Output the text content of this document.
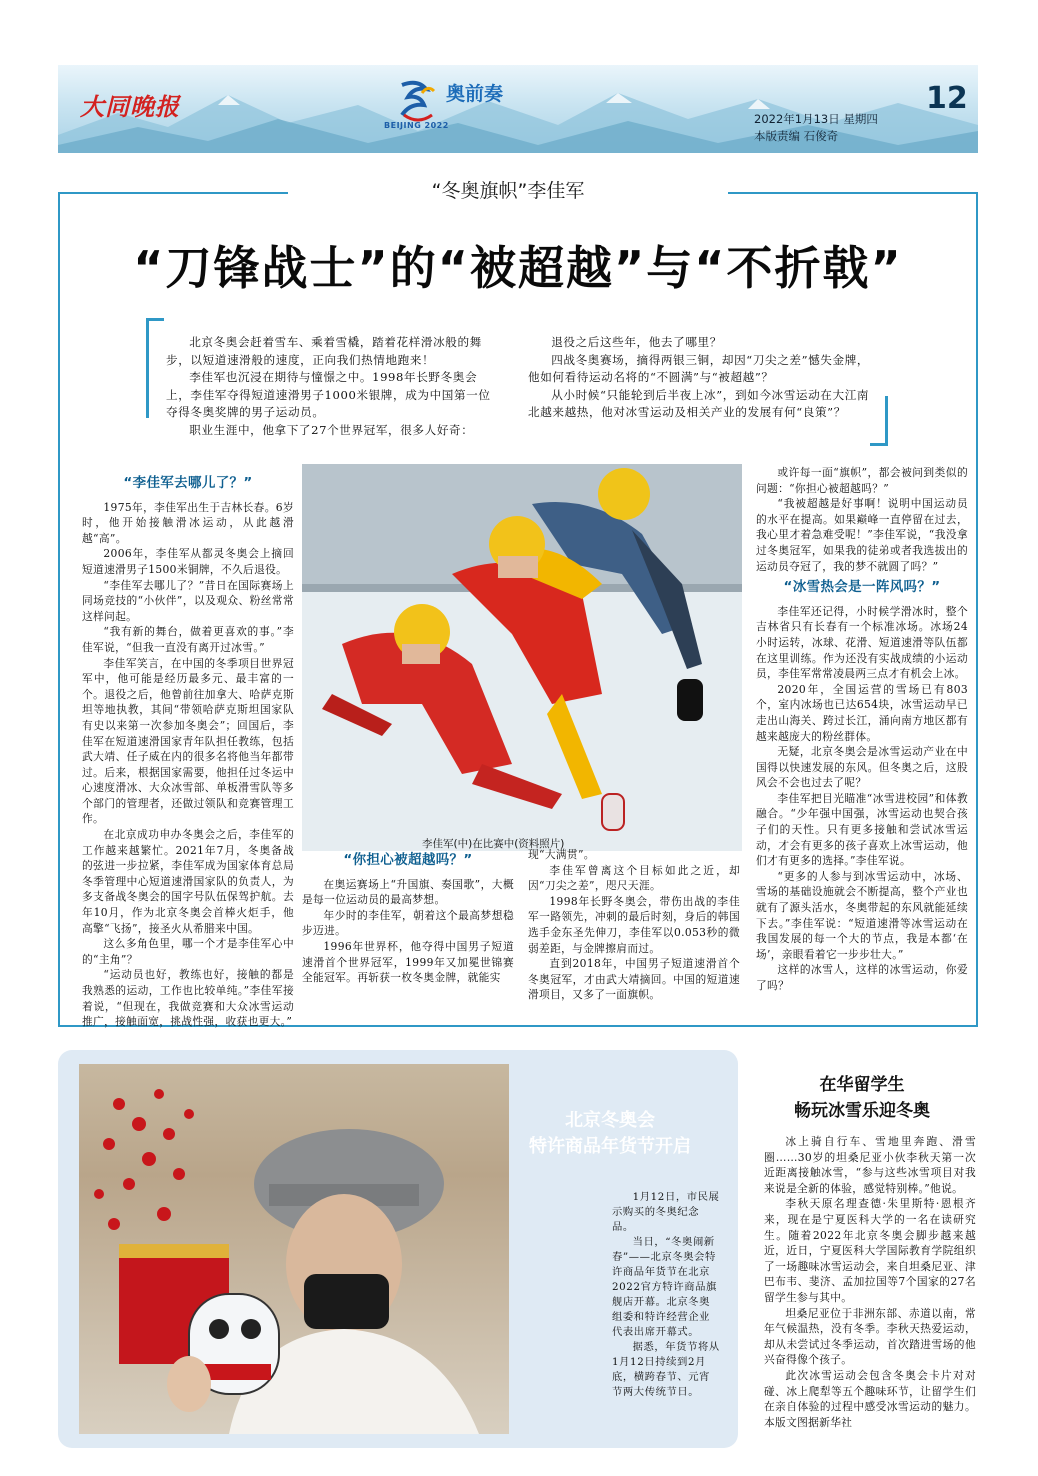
大同晚报
BEIJING 2022
奥前奏
2022年1月13日 星期四
本版责编 石俊奇
12
“冬奥旗帜”李佳军
“刀锋战士”的“被超越”与“不折戟”

北京冬奥会赶着雪车、乘着雪橇，踏着花样滑冰般的舞步，以短道速滑般的速度，正向我们热情地跑来！

李佳军也沉浸在期待与憧憬之中。1998年长野冬奥会上，李佳军夺得短道速滑男子1000米银牌，成为中国第一位夺得冬奥奖牌的男子运动员。

职业生涯中，他拿下了27个世界冠军，很多人好奇：

退役之后这些年，他去了哪里？

四战冬奥赛场，摘得两银三铜，却因“刀尖之差”憾失金牌，他如何看待运动名将的“不圆满”与“被超越”？

从小时候“只能轮到后半夜上冰”，到如今冰雪运动在大江南北越来越热，他对冰雪运动及相关产业的发展有何“良策”？

“李佳军去哪儿了？”

1975年，李佳军出生于吉林长春。6岁时，他开始接触滑冰运动，从此越滑越“高”。

2006年，李佳军从都灵冬奥会上摘回短道速滑男子1500米铜牌，不久后退役。

“李佳军去哪儿了？”昔日在国际赛场上同场竞技的“小伙伴”，以及观众、粉丝常常这样问起。

“我有新的舞台，做着更喜欢的事。”李佳军说，“但我一直没有离开过冰雪。”

李佳军笑言，在中国的冬季项目世界冠军中，他可能是经历最多元、最丰富的一个。退役之后，他曾前往加拿大、哈萨克斯坦等地执教，其间“带领哈萨克斯坦国家队有史以来第一次参加冬奥会”；回国后，李佳军在短道速滑国家青年队担任教练，包括武大靖、任子威在内的很多名将他当年都带过。后来，根据国家需要，他担任过冬运中心速度滑冰、大众冰雪部、单板滑雪队等多个部门的管理者，还做过领队和竞赛管理工作。

在北京成功申办冬奥会之后，李佳军的工作越来越繁忙。2021年7月，冬奥备战的弦进一步拉紧，李佳军成为国家体育总局冬季管理中心短道速滑国家队的负责人，为多支备战冬奥会的国字号队伍保驾护航。去年10月，作为北京冬奥会首棒火炬手，他高擎“飞扬”，接圣火从希腊来中国。

这么多角色里，哪一个才是李佳军心中的“主角”？

“运动员也好，教练也好，接触的都是我熟悉的运动，工作也比较单纯。”李佳军接着说，“但现在，我做竞赛和大众冰雪运动推广，接触面宽，挑战性强，收获也更大。”

李佳军(中)在比赛中(资料照片)
“你担心被超越吗？”

在奥运赛场上“升国旗、奏国歌”，大概是每一位运动员的最高梦想。

年少时的李佳军，朝着这个最高梦想稳步迈进。

1996年世界杯，他夺得中国男子短道速滑首个世界冠军，1999年又加冕世锦赛全能冠军。再斩获一枚冬奥金牌，就能实

现“大满贯”。

李佳军曾离这个目标如此之近，却因“刀尖之差”，咫尺天涯。

1998年长野冬奥会，带伤出战的李佳军一路领先，冲刺的最后时刻，身后的韩国选手金东圣先伸刀，李佳军以0.053秒的微弱差距，与金牌擦肩而过。

直到2018年，中国男子短道速滑首个冬奥冠军，才由武大靖摘回。中国的短道速滑项目，又多了一面旗帜。

或许每一面“旗帜”，都会被问到类似的问题：“你担心被超越吗？”

“我被超越是好事啊！说明中国运动员的水平在提高。如果巅峰一直停留在过去，我心里才着急难受呢！”李佳军说，“我没拿过冬奥冠军，如果我的徒弟或者我选拔出的运动员夺冠了，我的梦不就圆了吗？”

“冰雪热会是一阵风吗？”

李佳军还记得，小时候学滑冰时，整个吉林省只有长春有一个标准冰场。冰场24小时运转，冰球、花滑、短道速滑等队伍都在这里训练。作为还没有实战成绩的小运动员，李佳军常常凌晨两三点才有机会上冰。

2020年，全国运营的雪场已有803个，室内冰场也已达654块，冰雪运动早已走出山海关、跨过长江，涌向南方地区都有越来越庞大的粉丝群体。

无疑，北京冬奥会是冰雪运动产业在中国得以快速发展的东风。但冬奥之后，这股风会不会也过去了呢？

李佳军把目光瞄准“冰雪进校园”和体教融合。“少年强中国强，冰雪运动也契合孩子们的天性。只有更多接触和尝试冰雪运动，才会有更多的孩子喜欢上冰雪运动，他们才有更多的选择。”李佳军说。

“更多的人参与到冰雪运动中，冰场、雪场的基础设施就会不断提高，整个产业也就有了源头活水，冬奥带起的东风就能延续下去。”李佳军说：“短道速滑等冰雪运动在我国发展的每一个大的节点，我是本都‘在场’，亲眼看着它一步步壮大。”

这样的冰雪人，这样的冰雪运动，你爱了吗？

北京冬奥会
特许商品年货节开启

1月12日，市民展示购买的冬奥纪念品。

当日，“冬奥闹新春”——北京冬奥会特许商品年货节在北京2022官方特许商品旗舰店开幕。北京冬奥组委和特许经营企业代表出席开幕式。

据悉，年货节将从1月12日持续到2月底，横跨春节、元宵节两大传统节日。

在华留学生
畅玩冰雪乐迎冬奥

冰上骑自行车、雪地里奔跑、滑雪圈……30岁的坦桑尼亚小伙李秋天第一次近距离接触冰雪，“参与这些冰雪项目对我来说是全新的体验，感觉特别棒。”他说。

李秋天原名理查德·朱里斯特·恩根齐来，现在是宁夏医科大学的一名在读研究生。随着2022年北京冬奥会脚步越来越近，近日，宁夏医科大学国际教育学院组织了一场趣味冰雪运动会，来自坦桑尼亚、津巴布韦、斐济、孟加拉国等7个国家的27名留学生参与其中。

坦桑尼亚位于非洲东部、赤道以南，常年气候温热，没有冬季。李秋天热爱运动，却从未尝试过冬季运动，首次踏进雪场的他兴奋得像个孩子。

此次冰雪运动会包含冬奥会卡片对对碰、冰上爬犁等五个趣味环节，让留学生们在亲自体验的过程中感受冰雪运动的魅力。 本版文图据新华社
